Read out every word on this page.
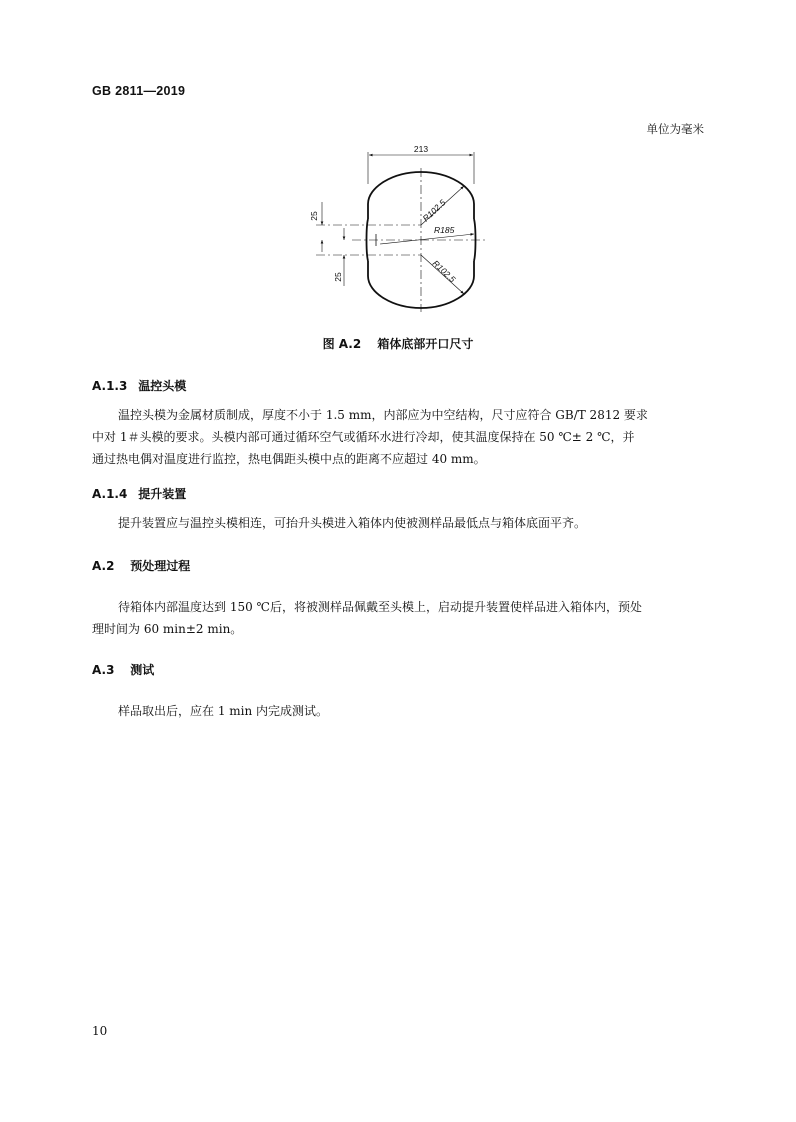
GB 2811—2019
单位为毫米
213
25
25
R102.5
R185
R102.5
图 A.2 箱体底部开口尺寸
A.1.3 温控头模
温控头模为金属材质制成，厚度不小于 1.5 mm，内部应为中空结构，尺寸应符合 GB/T 2812 要求
中对 1＃头模的要求。头模内部可通过循环空气或循环水进行冷却，使其温度保持在 50 ℃± 2 ℃，并
通过热电偶对温度进行监控，热电偶距头模中点的距离不应超过 40 mm。
A.1.4 提升装置
提升装置应与温控头模相连，可抬升头模进入箱体内使被测样品最低点与箱体底面平齐。
A.2 预处理过程
待箱体内部温度达到 150 ℃后，将被测样品佩戴至头模上，启动提升装置使样品进入箱体内，预处
理时间为 60 min±2 min。
A.3 测试
样品取出后，应在 1 min 内完成测试。
10
